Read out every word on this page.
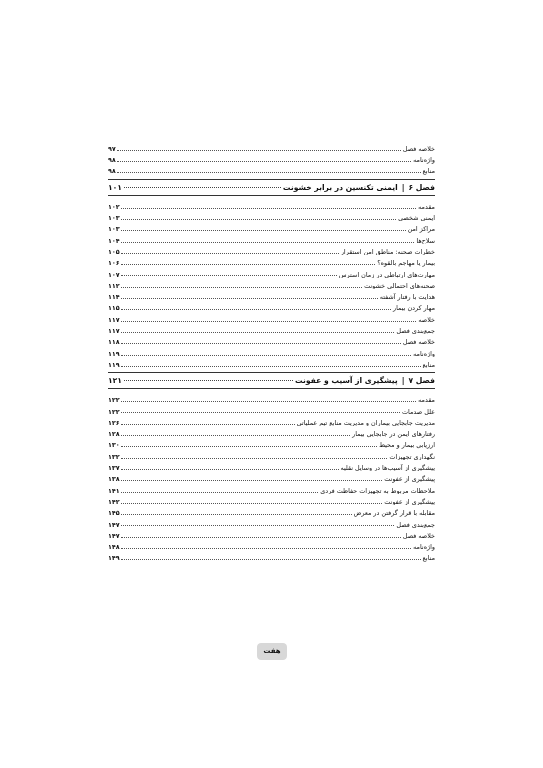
خلاصه فصل
۹۷
واژه‌نامه
۹۸
منابع
۹۸
فصل ۶
|
ایمنی تکنسین در برابر خشونت
۱۰۱
مقدمه
۱۰۲
ایمنی شخصی
۱۰۳
مراکز امن
۱۰۳
سلاح‌ها
۱۰۴
خطرات صحنه: مناطق امن استقرار
۱۰۵
بیمار یا مهاجم بالقوه؟
۱۰۶
مهارت‌های ارتباطی در زمان استرس
۱۰۷
صحنه‌های احتمالی خشونت
۱۱۲
هدایت با رفتار آشفته
۱۱۴
مهار کردن بیمار
۱۱۵
خلاصه
۱۱۷
جمع‌بندی فصل
۱۱۷
خلاصه فصل
۱۱۸
واژه‌نامه
۱۱۹
منابع
۱۱۹
فصل ۷
|
پیشگیری از آسیب و عفونت
۱۲۱
مقدمه
۱۲۲
علل صدمات
۱۲۲
مدیریت جابجایی بیماران و مدیریت منابع تیم عملیاتی
۱۲۶
رفتارهای ایمن در جابجایی بیمار
۱۲۸
ارزیابی بیمار و محیط
۱۳۰
نگهداری تجهیزات
۱۳۲
پیشگیری از آسیب‌ها در وسایل نقلیه
۱۳۷
پیشگیری از عفونت
۱۳۸
ملاحظات مربوط به تجهیزات حفاظت فردی
۱۴۱
پیشگیری از عفونت
۱۴۲
مقابله با قرار گرفتن در معرض
۱۴۵
جمع‌بندی فصل
۱۴۷
خلاصه فصل
۱۴۷
واژه‌نامه
۱۴۸
منابع
۱۴۹
هفت
